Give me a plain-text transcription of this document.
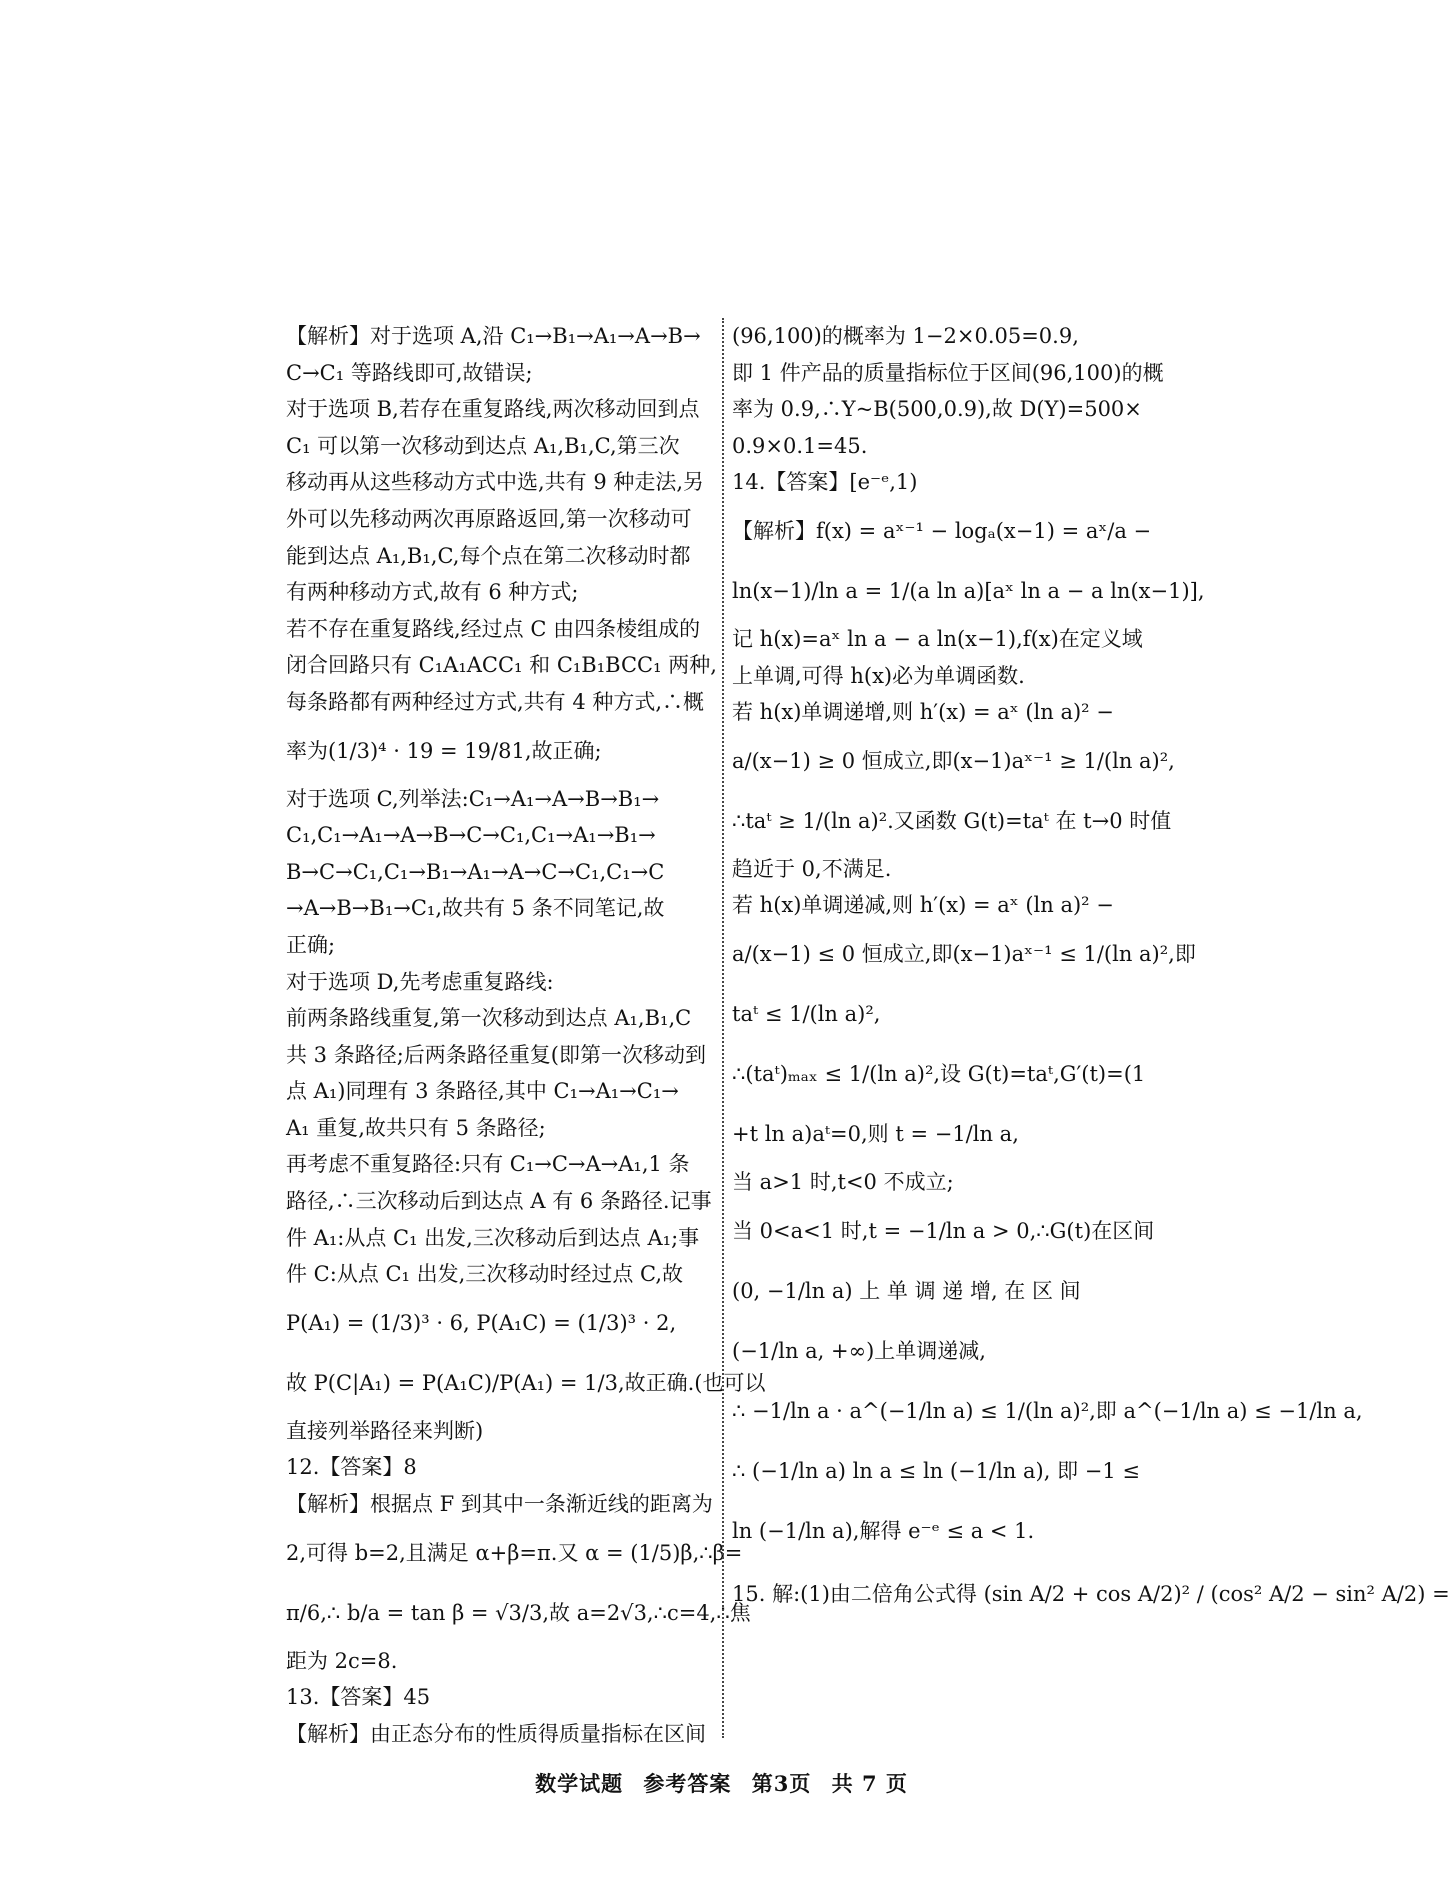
【解析】对于选项 A,沿 C₁→B₁→A₁→A→B→
C→C₁ 等路线即可,故错误;
对于选项 B,若存在重复路线,两次移动回到点
C₁ 可以第一次移动到达点 A₁,B₁,C,第三次
移动再从这些移动方式中选,共有 9 种走法,另
外可以先移动两次再原路返回,第一次移动可
能到达点 A₁,B₁,C,每个点在第二次移动时都
有两种移动方式,故有 6 种方式;
若不存在重复路线,经过点 C 由四条棱组成的
闭合回路只有 C₁A₁ACC₁ 和 C₁B₁BCC₁ 两种,
每条路都有两种经过方式,共有 4 种方式,∴概
率为(1/3)⁴ · 19 = 19/81,故正确;
对于选项 C,列举法:C₁→A₁→A→B→B₁→
C₁,C₁→A₁→A→B→C→C₁,C₁→A₁→B₁→
B→C→C₁,C₁→B₁→A₁→A→C→C₁,C₁→C
→A→B→B₁→C₁,故共有 5 条不同笔记,故
正确;
对于选项 D,先考虑重复路线:
前两条路线重复,第一次移动到达点 A₁,B₁,C
共 3 条路径;后两条路径重复(即第一次移动到
点 A₁)同理有 3 条路径,其中 C₁→A₁→C₁→
A₁ 重复,故共只有 5 条路径;
再考虑不重复路径:只有 C₁→C→A→A₁,1 条
路径,∴三次移动后到达点 A 有 6 条路径.记事
件 A₁:从点 C₁ 出发,三次移动后到达点 A₁;事
件 C:从点 C₁ 出发,三次移动时经过点 C,故
P(A₁) = (1/3)³ · 6, P(A₁C) = (1/3)³ · 2,
故 P(C|A₁) = P(A₁C)/P(A₁) = 1/3,故正确.(也可以
直接列举路径来判断)
12.【答案】8
【解析】根据点 F 到其中一条渐近线的距离为
2,可得 b=2,且满足 α+β=π.又 α = (1/5)β,∴β=
π/6,∴ b/a = tan β = √3/3,故 a=2√3,∴c=4,∴焦
距为 2c=8.
13.【答案】45
【解析】由正态分布的性质得质量指标在区间
(96,100)的概率为 1−2×0.05=0.9,
即 1 件产品的质量指标位于区间(96,100)的概
率为 0.9,∴Y~B(500,0.9),故 D(Y)=500×
0.9×0.1=45.
14.【答案】[e⁻ᵉ,1)
【解析】f(x) = aˣ⁻¹ − logₐ(x−1) = aˣ/a −
ln(x−1)/ln a = 1/(a ln a)[aˣ ln a − a ln(x−1)],
记 h(x)=aˣ ln a − a ln(x−1),f(x)在定义域
上单调,可得 h(x)必为单调函数.
若 h(x)单调递增,则 h′(x) = aˣ (ln a)² −
a/(x−1) ≥ 0 恒成立,即(x−1)aˣ⁻¹ ≥ 1/(ln a)²,
∴taᵗ ≥ 1/(ln a)².又函数 G(t)=taᵗ 在 t→0 时值
趋近于 0,不满足.
若 h(x)单调递减,则 h′(x) = aˣ (ln a)² −
a/(x−1) ≤ 0 恒成立,即(x−1)aˣ⁻¹ ≤ 1/(ln a)²,即
taᵗ ≤ 1/(ln a)²,
∴(taᵗ)ₘₐₓ ≤ 1/(ln a)²,设 G(t)=taᵗ,G′(t)=(1
+t ln a)aᵗ=0,则 t = −1/ln a,
当 a>1 时,t<0 不成立;
当 0<a<1 时,t = −1/ln a > 0,∴G(t)在区间
(0, −1/ln a) 上 单 调 递 增, 在 区 间
(−1/ln a, +∞)上单调递减,
∴ −1/ln a · a^(−1/ln a) ≤ 1/(ln a)²,即 a^(−1/ln a) ≤ −1/ln a,
∴ (−1/ln a) ln a ≤ ln (−1/ln a), 即 −1 ≤
ln (−1/ln a),解得 e⁻ᵉ ≤ a < 1.
15. 解:(1)由二倍角公式得 (sin A/2 + cos A/2)² / (cos² A/2 − sin² A/2) =
数学试题 参考答案 第3页 共 7 页
